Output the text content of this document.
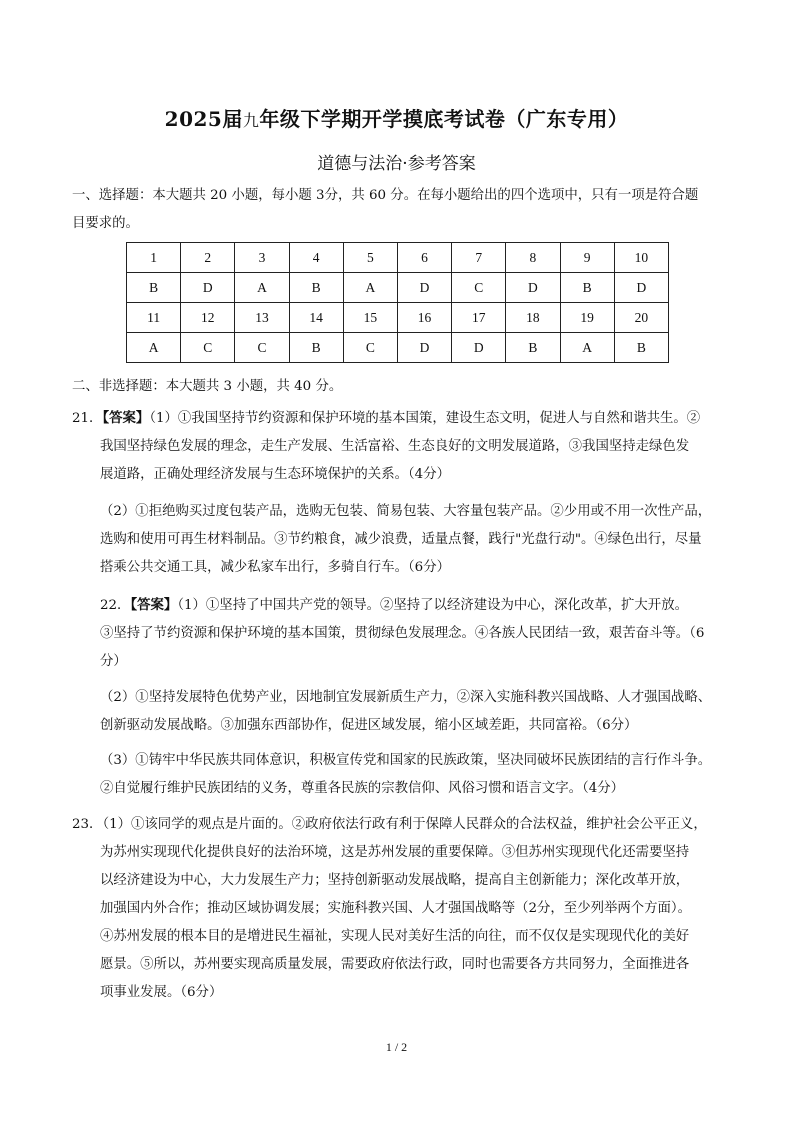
2025届九年级下学期开学摸底考试卷（广东专用）
道德与法治·参考答案
一、选择题：本大题共 20 小题，每小题 3分，共 60 分。在每小题给出的四个选项中，只有一项是符合题
目要求的。
1	2	3	4	5	6	7	8	9	10
B	D	A	B	A	D	C	D	B	D
11	12	13	14	15	16	17	18	19	20
A	C	C	B	C	D	D	B	A	B
二、非选择题：本大题共 3 小题，共 40 分。
21．【答案】（1）①我国坚持节约资源和保护环境的基本国策，建设生态文明，促进人与自然和谐共生。②
我国坚持绿色发展的理念，走生产发展、生活富裕、生态良好的文明发展道路，③我国坚持走绿色发
展道路，正确处理经济发展与生态环境保护的关系。（4分）
（2）①拒绝购买过度包装产品，选购无包装、简易包装、大容量包装产品。②少用或不用一次性产品，
选购和使用可再生材料制品。③节约粮食，减少浪费，适量点餐，践行"光盘行动"。④绿色出行，尽量
搭乘公共交通工具，减少私家车出行，多骑自行车。（6分）
22．【答案】（1）①坚持了中国共产党的领导。②坚持了以经济建设为中心，深化改革，扩大开放。
③坚持了节约资源和保护环境的基本国策，贯彻绿色发展理念。④各族人民团结一致，艰苦奋斗等。（6
分）
（2）①坚持发展特色优势产业，因地制宜发展新质生产力，②深入实施科教兴国战略、人才强国战略、
创新驱动发展战略。③加强东西部协作，促进区域发展，缩小区域差距，共同富裕。（6分）
（3）①铸牢中华民族共同体意识，积极宣传党和国家的民族政策，坚决同破坏民族团结的言行作斗争。
②自觉履行维护民族团结的义务，尊重各民族的宗教信仰、风俗习惯和语言文字。（4分）
23．（1）①该同学的观点是片面的。②政府依法行政有利于保障人民群众的合法权益，维护社会公平正义，
为苏州实现现代化提供良好的法治环境，这是苏州发展的重要保障。③但苏州实现现代化还需要坚持
以经济建设为中心，大力发展生产力；坚持创新驱动发展战略，提高自主创新能力；深化改革开放，
加强国内外合作；推动区域协调发展；实施科教兴国、人才强国战略等（2分，至少列举两个方面）。
④苏州发展的根本目的是增进民生福祉，实现人民对美好生活的向往，而不仅仅是实现现代化的美好
愿景。⑤所以，苏州要实现高质量发展，需要政府依法行政，同时也需要各方共同努力，全面推进各
项事业发展。（6分）
1 / 2
